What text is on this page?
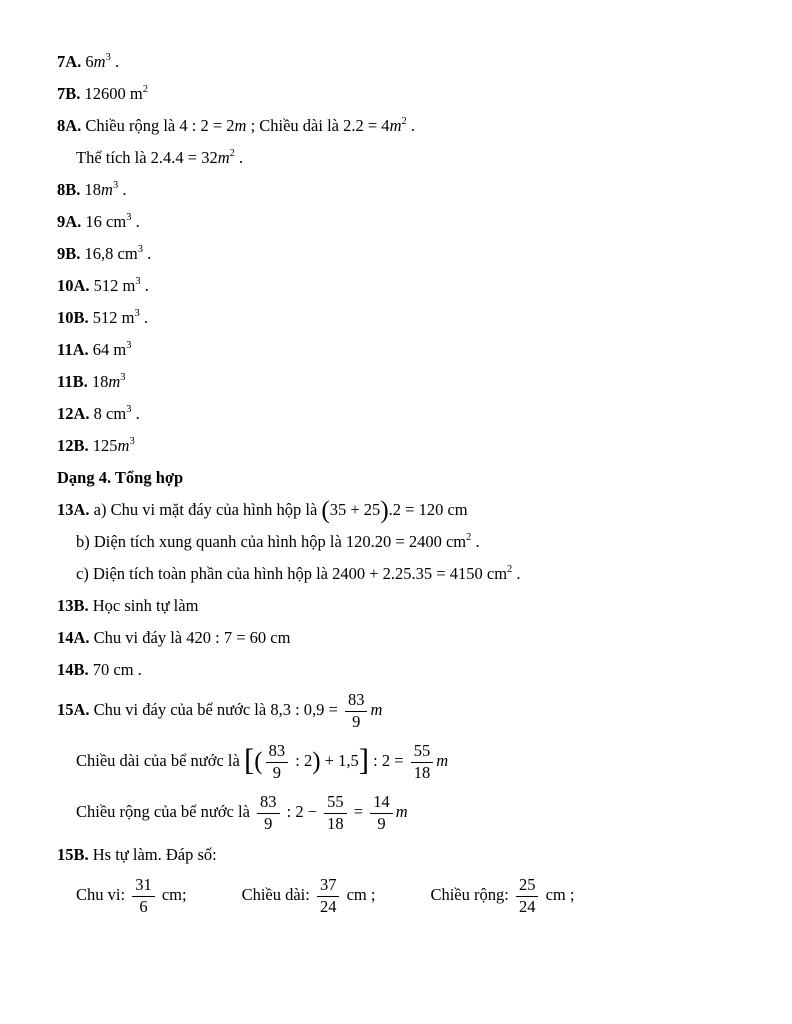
7A. $6m^3$ .
7B. 12600 $m^2$
8A. Chiều rộng là 4 : 2 = 2m ; Chiều dài là $2.2 = 4m^2$ .
Thể tích là $2.4.4 = 32m^2$ .
8B. $18m^3$ .
9A. 16 $cm^3$ .
9B. 16,8 $cm^3$ .
10A. 512 $m^3$ .
10B. 512 $m^3$ .
11A. 64 $m^3$
11B. $18m^3$
12A. 8 $cm^3$ .
12B. $125m^3$
Dạng 4. Tổng hợp
13A. a) Chu vi mặt đáy của hình hộp là (35 + 25).2 = 120 cm
b) Diện tích xung quanh của hình hộp là 120.20 = 2400 $cm^2$ .
c) Diện tích toàn phần của hình hộp là 2400 + 2.25.35 = 4150 $cm^2$ .
13B. Học sinh tự làm
14A. Chu vi đáy là 420 : 7 = 60 cm
14B. 70 cm .
15A. Chu vi đáy của bể nước là 8,3 : $0,9 = \frac{83}{9}$ m
Chiều dài của bể nước là [( $\frac{83}{9}$ : 2) + 1,5] : $2 = \frac{55}{18}$ m
Chiều rộng của bể nước là $\frac{83}{9}$ : $2 - \frac{55}{18} = \frac{14}{9}$ m
15B. Hs tự làm. Đáp số:
Chu vi: $\frac{31}{6}$ cm;	Chiều dài: $\frac{37}{24}$ cm ;	Chiều rộng: $\frac{25}{24}$ cm ;
